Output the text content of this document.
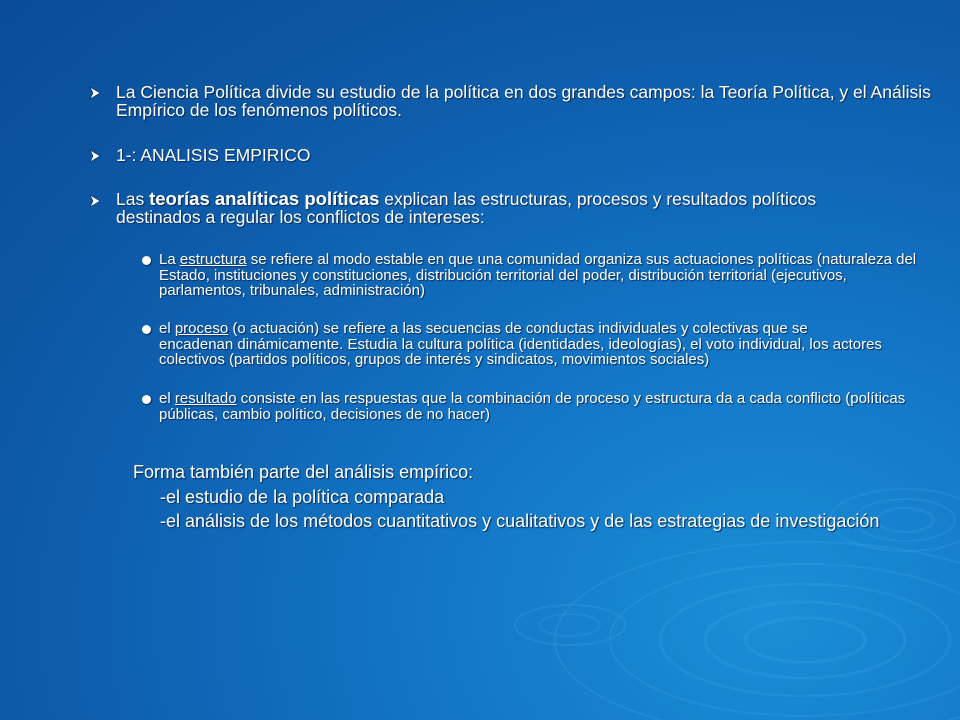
La Ciencia Política divide su estudio de la política en dos grandes campos: la Teoría Política, y el Análisis Empírico de los fenómenos políticos.
1-: ANALISIS EMPIRICO
Las teorías analíticas políticas explican las estructuras, procesos y resultados políticos destinados a regular los conflictos de intereses:
La estructura se refiere al modo estable en que una comunidad organiza sus actuaciones políticas (naturaleza del Estado, instituciones y constituciones, distribución territorial del poder, distribución territorial (ejecutivos, parlamentos, tribunales, administración)
el proceso (o actuación) se refiere a las secuencias de conductas individuales y colectivas que se encadenan dinámicamente. Estudia la cultura política (identidades, ideologías), el voto individual, los actores colectivos (partidos políticos, grupos de interés y sindicatos, movimientos sociales)
el resultado consiste en las respuestas que la combinación de proceso y estructura da a cada conflicto (políticas públicas, cambio político, decisiones de no hacer)
Forma también parte del análisis empírico:
-el estudio de la política comparada
-el análisis de los métodos cuantitativos y cualitativos y de las estrategias de investigación
